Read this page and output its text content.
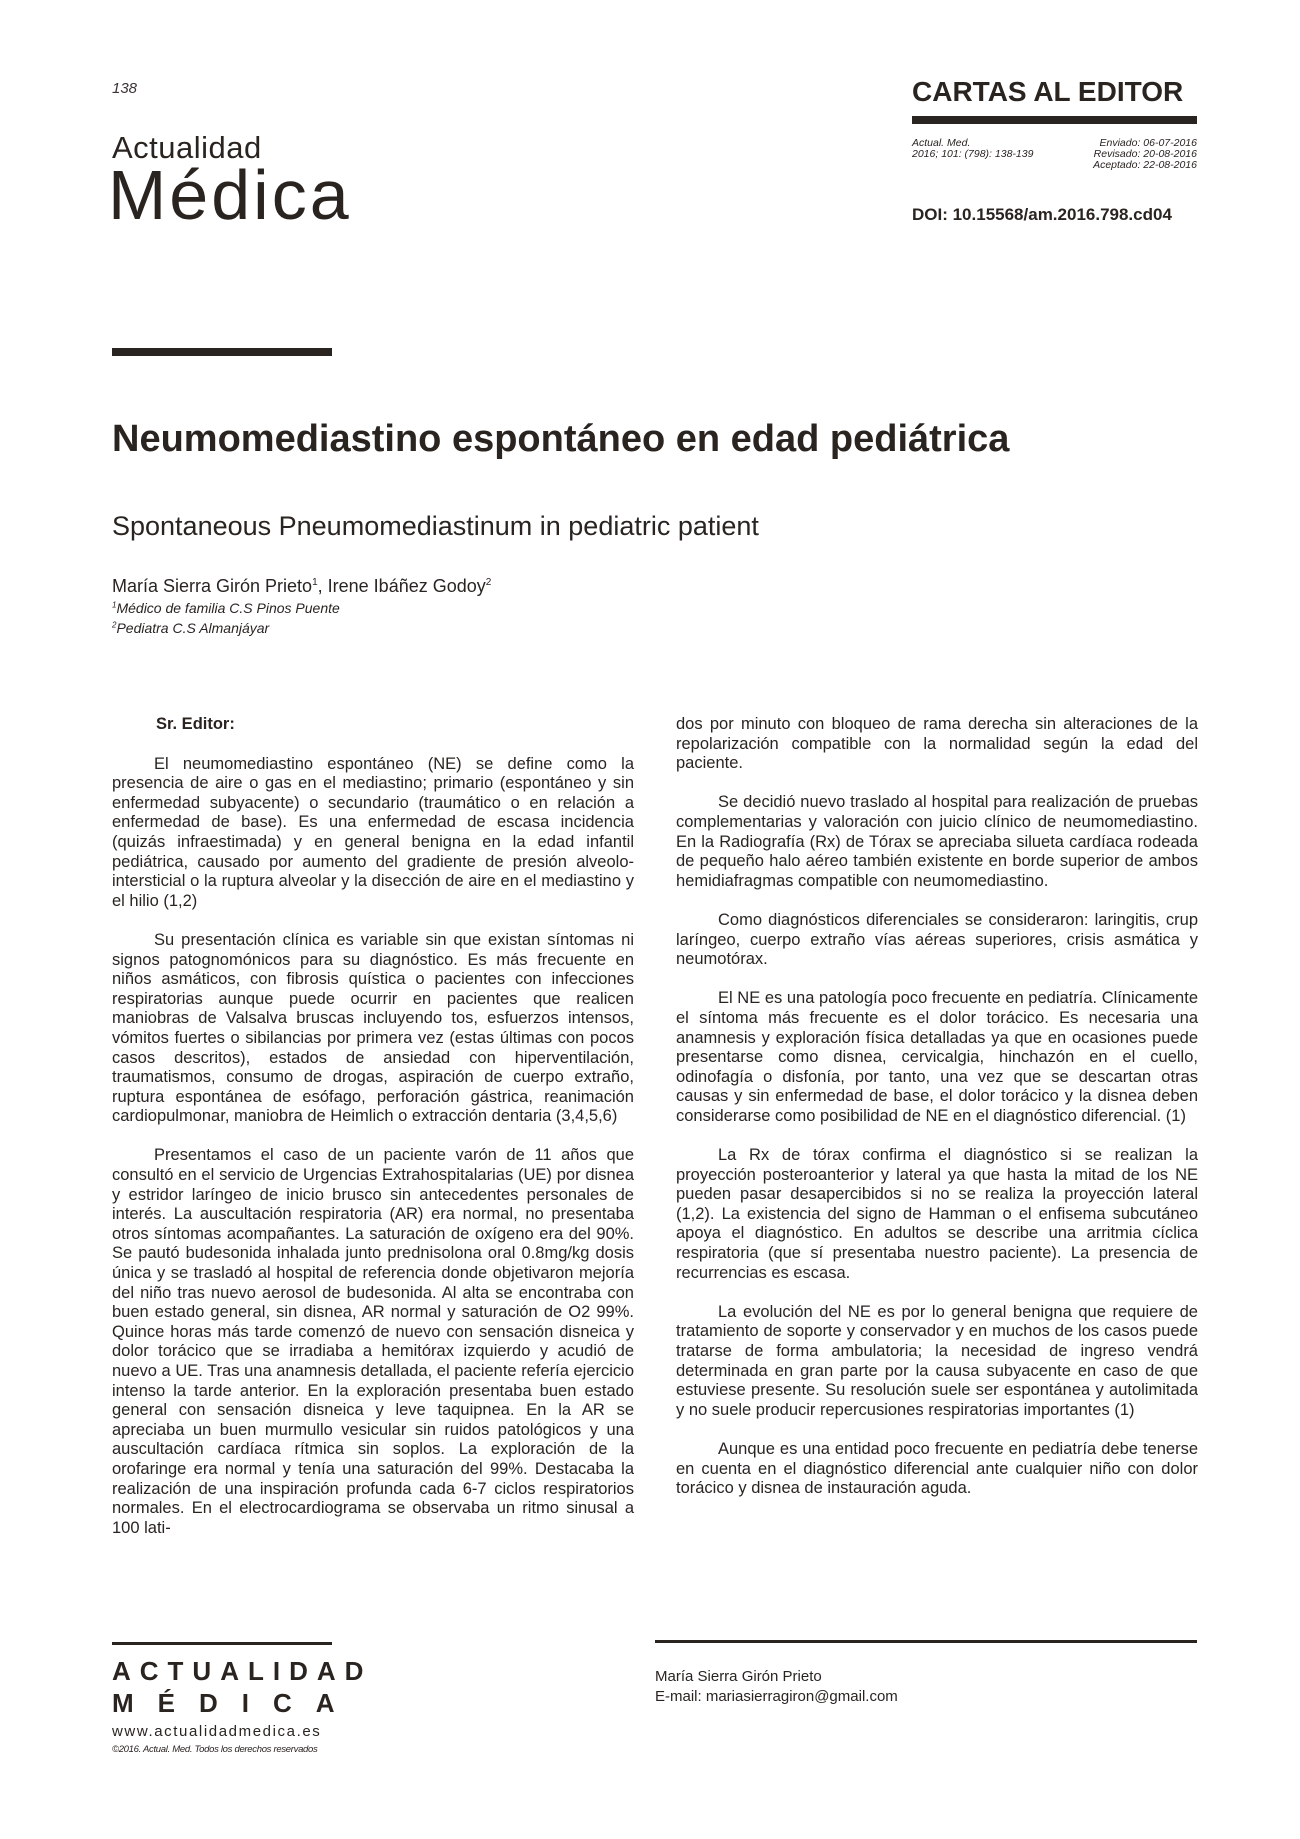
138
Actualidad
Médica
CARTAS AL EDITOR
Actual. Med.
2016; 101: (798): 138-139
Enviado: 06-07-2016
Revisado: 20-08-2016
Aceptado: 22-08-2016
DOI: 10.15568/am.2016.798.cd04
Neumomediastino espontáneo en edad pediátrica
Spontaneous Pneumomediastinum in pediatric patient
María Sierra Girón Prieto$^1$, Irene Ibáñez Godoy$^2$
$^1$Médico de familia C.S Pinos Puente
$^2$Pediatra C.S Almanjáyar

Sr. Editor:

El neumomediastino espontáneo (NE) se define como la presencia de aire o gas en el mediastino; primario (espontáneo y sin enfermedad subyacente) o secundario (traumático o en relación a enfermedad de base). Es una enfermedad de escasa incidencia (quizás infraestimada) y en general benigna en la edad infantil pediátrica, causado por aumento del gradiente de presión alveolo-intersticial o la ruptura alveolar y la disección de aire en el mediastino y el hilio (1,2)

Su presentación clínica es variable sin que existan síntomas ni signos patognomónicos para su diagnóstico. Es más frecuente en niños asmáticos, con fibrosis quística o pacientes con infecciones respiratorias aunque puede ocurrir en pacientes que realicen maniobras de Valsalva bruscas incluyendo tos, esfuerzos intensos, vómitos fuertes o sibilancias por primera vez (estas últimas con pocos casos descritos), estados de ansiedad con hiperventilación, traumatismos, consumo de drogas, aspiración de cuerpo extraño, ruptura espontánea de esófago, perforación gástrica, reanimación cardiopulmonar, maniobra de Heimlich o extracción dentaria (3,4,5,6)

Presentamos el caso de un paciente varón de 11 años que consultó en el servicio de Urgencias Extrahospitalarias (UE) por disnea y estridor laríngeo de inicio brusco sin antecedentes personales de interés. La auscultación respiratoria (AR) era normal, no presentaba otros síntomas acompañantes. La saturación de oxígeno era del 90%. Se pautó budesonida inhalada junto prednisolona oral 0.8mg/kg dosis única y se trasladó al hospital de referencia donde objetivaron mejoría del niño tras nuevo aerosol de budesonida. Al alta se encontraba con buen estado general, sin disnea, AR normal y saturación de O2 99%. Quince horas más tarde comenzó de nuevo con sensación disneica y dolor torácico que se irradiaba a hemitórax izquierdo y acudió de nuevo a UE. Tras una anamnesis detallada, el paciente refería ejercicio intenso la tarde anterior. En la exploración presentaba buen estado general con sensación disneica y leve taquipnea. En la AR se apreciaba un buen murmullo vesicular sin ruidos patológicos y una auscultación cardíaca rítmica sin soplos. La exploración de la orofaringe era normal y tenía una saturación del 99%. Destacaba la realización de una inspiración profunda cada 6-7 ciclos respiratorios normales. En el electrocardiograma se observaba un ritmo sinusal a 100 lati-

dos por minuto con bloqueo de rama derecha sin alteraciones de la repolarización compatible con la normalidad según la edad del paciente.

Se decidió nuevo traslado al hospital para realización de pruebas complementarias y valoración con juicio clínico de neumomediastino. En la Radiografía (Rx) de Tórax se apreciaba silueta cardíaca rodeada de pequeño halo aéreo también existente en borde superior de ambos hemidiafragmas compatible con neumomediastino.

Como diagnósticos diferenciales se consideraron: laringitis, crup laríngeo, cuerpo extraño vías aéreas superiores, crisis asmática y neumotórax.

El NE es una patología poco frecuente en pediatría. Clínicamente el síntoma más frecuente es el dolor torácico. Es necesaria una anamnesis y exploración física detalladas ya que en ocasiones puede presentarse como disnea, cervicalgia, hinchazón en el cuello, odinofagía o disfonía, por tanto, una vez que se descartan otras causas y sin enfermedad de base, el dolor torácico y la disnea deben considerarse como posibilidad de NE en el diagnóstico diferencial. (1)

La Rx de tórax confirma el diagnóstico si se realizan la proyección posteroanterior y lateral ya que hasta la mitad de los NE pueden pasar desapercibidos si no se realiza la proyección lateral (1,2). La existencia del signo de Hamman o el enfisema subcutáneo apoya el diagnóstico. En adultos se describe una arritmia cíclica respiratoria (que sí presentaba nuestro paciente). La presencia de recurrencias es escasa.

La evolución del NE es por lo general benigna que requiere de tratamiento de soporte y conservador y en muchos de los casos puede tratarse de forma ambulatoria; la necesidad de ingreso vendrá determinada en gran parte por la causa subyacente en caso de que estuviese presente. Su resolución suele ser espontánea y autolimitada y no suele producir repercusiones respiratorias importantes (1)

Aunque es una entidad poco frecuente en pediatría debe tenerse en cuenta en el diagnóstico diferencial ante cualquier niño con dolor torácico y disnea de instauración aguda.

ACTUALIDAD
MÉDICA
www.actualidadmedica.es
©2016. Actual. Med. Todos los derechos reservados
María Sierra Girón Prieto
E-mail: mariasierragiron@gmail.com
